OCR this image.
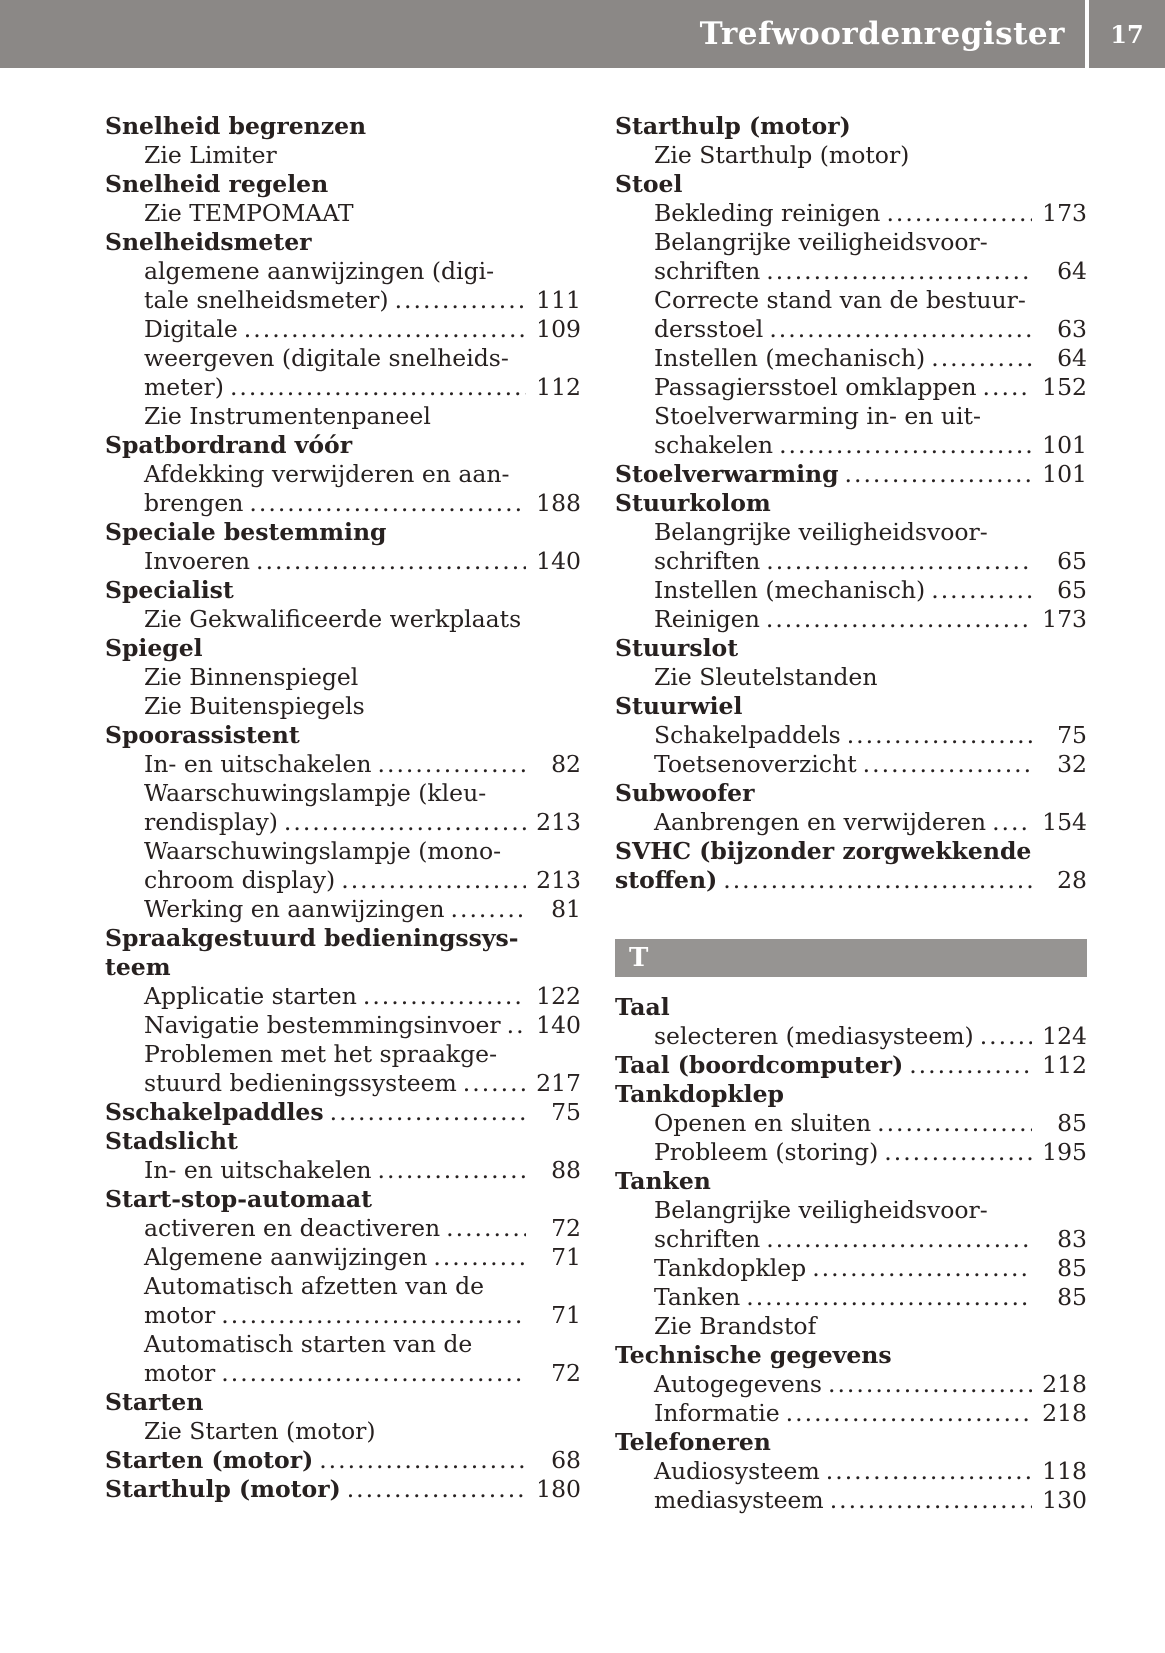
Trefwoordenregister	17
Snelheid begrenzen
Zie Limiter
Snelheid regelen
Zie TEMPOMAAT
Snelheidsmeter
algemene aanwijzingen (digi-
tale snelheidsmeter) .....	111
Digitale .....	109
weergeven (digitale snelheids-
meter) .....	112
Zie Instrumentenpaneel
Spatbordrand vóór
Afdekking verwijderen en aan-
brengen .....	188
Speciale bestemming
Invoeren .....	140
Specialist
Zie Gekwalificeerde werkplaats
Spiegel
Zie Binnenspiegel
Zie Buitenspiegels
Spoorassistent
In- en uitschakelen .....	82
Waarschuwingslampje (kleu-
rendisplay) .....	213
Waarschuwingslampje (mono-
chroom display) .....	213
Werking en aanwijzingen .....	81
Spraakgestuurd bedieningssys-
teem
Applicatie starten .....	122
Navigatie bestemmingsinvoer ..... 140
Problemen met het spraakge-
stuurd bedieningssysteem .....	217
Sschakelpaddles .....	75
Stadslicht
In- en uitschakelen .....	88
Start-stop-automaat
activeren en deactiveren .....	72
Algemene aanwijzingen .....	71
Automatisch afzetten van de
motor .....	71
Automatisch starten van de
motor .....	72
Starten
Zie Starten (motor)
Starten (motor) .....	68
Starthulp (motor) .....	180
Starthulp (motor)
Zie Starthulp (motor)
Stoel
Bekleding reinigen .....	173
Belangrijke veiligheidsvoor-
schriften .....	64
Correcte stand van de bestuur-
dersstoel .....	63
Instellen (mechanisch) .....	64
Passagiersstoel omklappen .....	152
Stoelverwarming in- en uit-
schakelen .....	101
Stoelverwarming .....	101
Stuurkolom
Belangrijke veiligheidsvoor-
schriften .....	65
Instellen (mechanisch) .....	65
Reinigen .....	173
Stuurslot
Zie Sleutelstanden
Stuurwiel
Schakelpaddels .....	75
Toetsenoverzicht .....	32
Subwoofer
Aanbrengen en verwijderen ..... 154
SVHC (bijzonder zorgwekkende
stoffen) .....	28
T
Taal
selecteren (mediasysteem) .....	124
Taal (boordcomputer) .....	112
Tankdopklep
Openen en sluiten .....	85
Probleem (storing) .....	195
Tanken
Belangrijke veiligheidsvoor-
schriften .....	83
Tankdopklep .....	85
Tanken .....	85
Zie Brandstof
Technische gegevens
Autogegevens .....	218
Informatie .....	218
Telefoneren
Audiosysteem .....	118
mediasysteem .....	130
